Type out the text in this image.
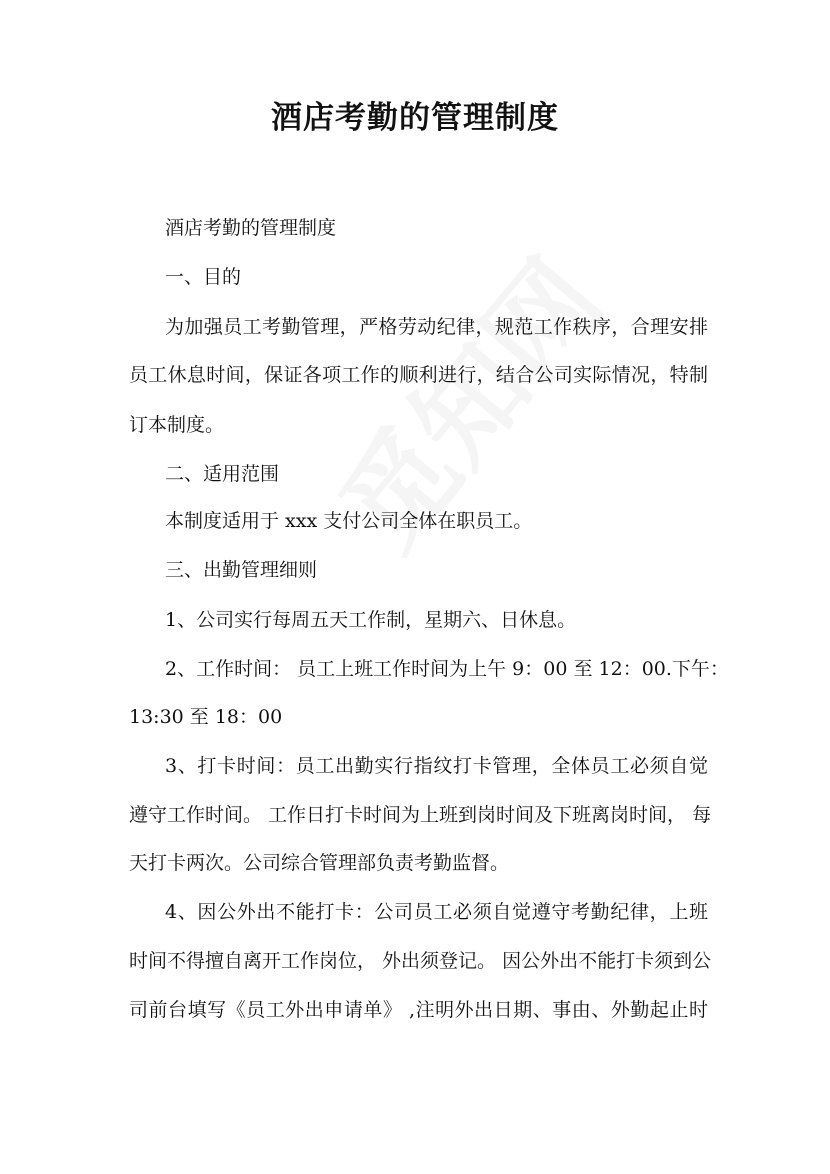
酒店考勤的管理制度
酒店考勤的管理制度
一、目的
为加强员工考勤管理，严格劳动纪律，规范工作秩序，合理安排
员工休息时间，保证各项工作的顺利进行，结合公司实际情况，特制
订本制度。
二、适用范围
本制度适用于 xxx 支付公司全体在职员工。
三、出勤管理细则
1、公司实行每周五天工作制，星期六、日休息。
2、工作时间： 员工上班工作时间为上午 9：00 至 12：00.下午：
13:30 至 18：00
3、打卡时间：员工出勤实行指纹打卡管理，全体员工必须自觉
遵守工作时间。 工作日打卡时间为上班到岗时间及下班离岗时间， 每
天打卡两次。公司综合管理部负责考勤监督。
4、因公外出不能打卡：公司员工必须自觉遵守考勤纪律，上班
时间不得擅自离开工作岗位， 外出须登记。 因公外出不能打卡须到公
司前台填写《员工外出申请单》 ,注明外出日期、事由、外勤起止时
